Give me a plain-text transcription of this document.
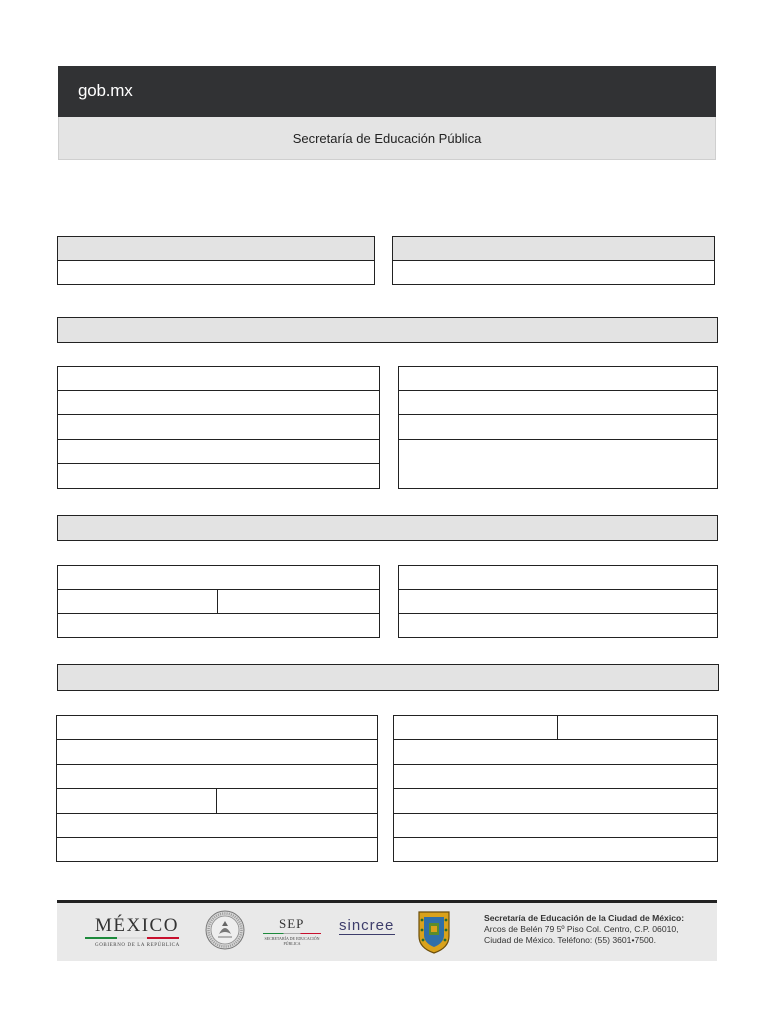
gob.mx
Secretaría de Educación Pública
MÉXICO
GOBIERNO DE LA REPÚBLICA
SEP
SECRETARÍA DE EDUCACIÓN PÚBLICA
sincree	Secretaría de Educación de la Ciudad de México:
Arcos de Belén 79 5º Piso Col. Centro, C.P. 06010,
Ciudad de México. Teléfono: (55) 3601•7500.
